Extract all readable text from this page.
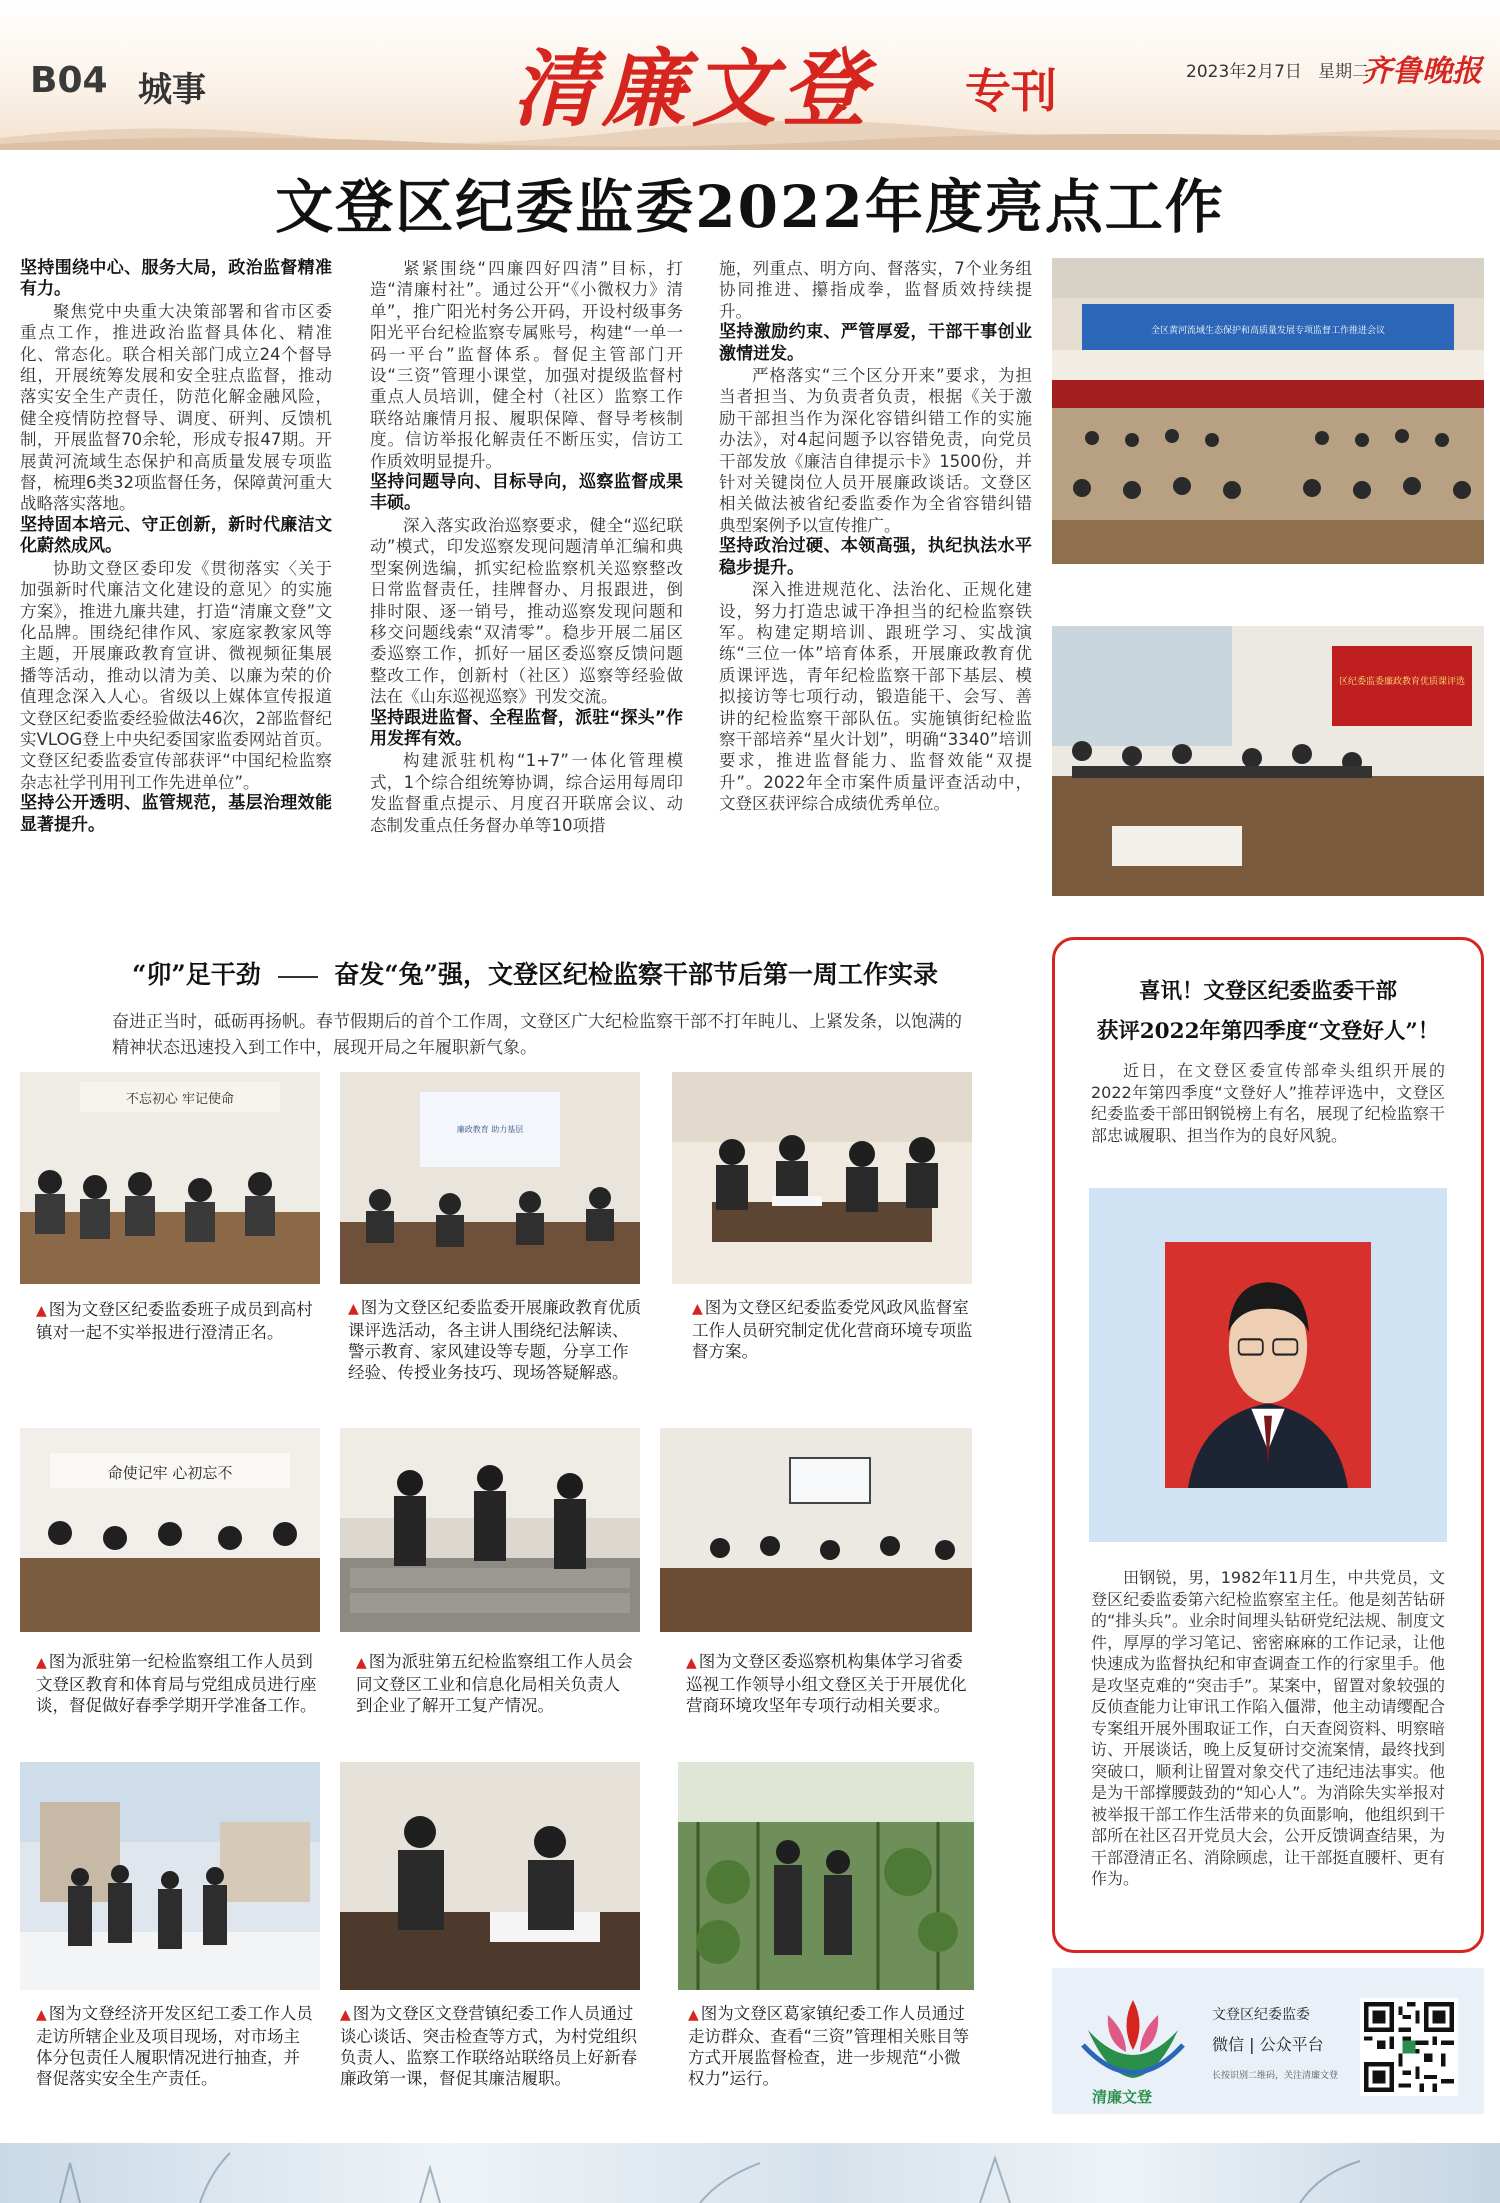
B04 城事	清廉文登 专刊	2023年2月7日 星期二
齐鲁晚报
文登区纪委监委2022年度亮点工作
坚持围绕中心、服务大局，政治监督精准有力。

聚焦党中央重大决策部署和省市区委重点工作，推进政治监督具体化、精准化、常态化。联合相关部门成立24个督导组，开展统筹发展和安全驻点监督，推动落实安全生产责任，防范化解金融风险，健全疫情防控督导、调度、研判、反馈机制，开展监督70余轮，形成专报47期。开展黄河流域生态保护和高质量发展专项监督，梳理6类32项监督任务，保障黄河重大战略落实落地。

坚持固本培元、守正创新，新时代廉洁文化蔚然成风。

协助文登区委印发《贯彻落实〈关于加强新时代廉洁文化建设的意见〉的实施方案》，推进九廉共建，打造“清廉文登”文化品牌。围绕纪律作风、家庭家教家风等主题，开展廉政教育宣讲、微视频征集展播等活动，推动以清为美、以廉为荣的价值理念深入人心。省级以上媒体宣传报道文登区纪委监委经验做法46次，2部监督纪实VLOG登上中央纪委国家监委网站首页。文登区纪委监委宣传部获评“中国纪检监察杂志社学刊用刊工作先进单位”。

坚持公开透明、监管规范，基层治理效能显著提升。

紧紧围绕“四廉四好四清”目标，打造“清廉村社”。通过公开“《小微权力》清单”，推广阳光村务公开码，开设村级事务阳光平台纪检监察专属账号，构建“一单一码一平台”监督体系。督促主管部门开设“三资”管理小课堂，加强对提级监督村重点人员培训，健全村（社区）监察工作联络站廉情月报、履职保障、督导考核制度。信访举报化解责任不断压实，信访工作质效明显提升。

坚持问题导向、目标导向，巡察监督成果丰硕。

深入落实政治巡察要求，健全“巡纪联动”模式，印发巡察发现问题清单汇编和典型案例选编，抓实纪检监察机关巡察整改日常监督责任，挂牌督办、月报跟进，倒排时限、逐一销号，推动巡察发现问题和移交问题线索“双清零”。稳步开展二届区委巡察工作，抓好一届区委巡察反馈问题整改工作，创新村（社区）巡察等经验做法在《山东巡视巡察》刊发交流。

坚持跟进监督、全程监督，派驻“探头”作用发挥有效。

构建派驻机构“1+7”一体化管理模式，1个综合组统筹协调，综合运用每周印发监督重点提示、月度召开联席会议、动态制发重点任务督办单等10项措

施，列重点、明方向、督落实，7个业务组协同推进、攥指成拳，监督质效持续提升。
坚持激励约束、严管厚爱，干部干事创业激情迸发。

严格落实“三个区分开来”要求，为担当者担当、为负责者负责，根据《关于激励干部担当作为深化容错纠错工作的实施办法》，对4起问题予以容错免责，向党员干部发放《廉洁自律提示卡》1500份，并针对关键岗位人员开展廉政谈话。文登区相关做法被省纪委监委作为全省容错纠错典型案例予以宣传推广。

坚持政治过硬、本领高强，执纪执法水平稳步提升。

深入推进规范化、法治化、正规化建设，努力打造忠诚干净担当的纪检监察铁军。构建定期培训、跟班学习、实战演练“三位一体”培育体系，开展廉政教育优质课评选，青年纪检监察干部下基层、模拟接访等七项行动，锻造能干、会写、善讲的纪检监察干部队伍。实施镇街纪检监察干部培养“星火计划”，明确“3340”培训要求，推进监督能力、监督效能“双提升”。2022年全市案件质量评查活动中，文登区获评综合成绩优秀单位。

全区黄河流域生态保护和高质量发展专项监督工作推进会议
区纪委监委廉政教育优质课评选
“卯”足干劲	奋发“兔”强，文登区纪检监察干部节后第一周工作实录
奋进正当时，砥砺再扬帆。春节假期后的首个工作周，文登区广大纪检监察干部不打年盹儿、上紧发条，以饱满的精神状态迅速投入到工作中，展现开局之年履职新气象。
不忘初心 牢记使命
廉政教育 助力基层
▲ 图为文登区纪委监委班子成员到高村镇对一起不实举报进行澄清正名。
▲ 图为文登区纪委监委开展廉政教育优质课评选活动，各主讲人围绕纪法解读、警示教育、家风建设等专题，分享工作经验、传授业务技巧、现场答疑解惑。
▲ 图为文登区纪委监委党风政风监督室工作人员研究制定优化营商环境专项监督方案。
命使记牢 心初忘不
▲ 图为派驻第一纪检监察组工作人员到文登区教育和体育局与党组成员进行座谈，督促做好春季学期开学准备工作。
▲ 图为派驻第五纪检监察组工作人员会同文登区工业和信息化局相关负责人到企业了解开工复产情况。
▲ 图为文登区委巡察机构集体学习省委巡视工作领导小组文登区关于开展优化营商环境攻坚年专项行动相关要求。
▲ 图为文登经济开发区纪工委工作人员走访所辖企业及项目现场，对市场主体分包责任人履职情况进行抽查，并督促落实安全生产责任。
▲ 图为文登区文登营镇纪委工作人员通过谈心谈话、突击检查等方式，为村党组织负责人、监察工作联络站联络员上好新春廉政第一课，督促其廉洁履职。
▲ 图为文登区葛家镇纪委工作人员通过走访群众、查看“三资”管理相关账目等方式开展监督检查，进一步规范“小微权力”运行。
喜讯！文登区纪委监委干部
获评2022年第四季度“文登好人”！

近日，在文登区委宣传部牵头组织开展的2022年第四季度“文登好人”推荐评选中，文登区纪委监委干部田钢锐榜上有名，展现了纪检监察干部忠诚履职、担当作为的良好风貌。

田钢锐，男，1982年11月生，中共党员，文登区纪委监委第六纪检监察室主任。他是刻苦钻研的“排头兵”。业余时间埋头钻研党纪法规、制度文件，厚厚的学习笔记、密密麻麻的工作记录，让他快速成为监督执纪和审查调查工作的行家里手。他是攻坚克难的“突击手”。某案中，留置对象较强的反侦查能力让审讯工作陷入僵滞，他主动请缨配合专案组开展外围取证工作，白天查阅资料、明察暗访、开展谈话，晚上反复研讨交流案情，最终找到突破口，顺利让留置对象交代了违纪违法事实。他是为干部撑腰鼓劲的“知心人”。为消除失实举报对被举报干部工作生活带来的负面影响，他组织到干部所在社区召开党员大会，公开反馈调查结果，为干部澄清正名、消除顾虑，让干部挺直腰杆、更有作为。

清廉文登
文登区纪委监委
微信 | 公众平台
长按识别二维码，关注清廉文登
